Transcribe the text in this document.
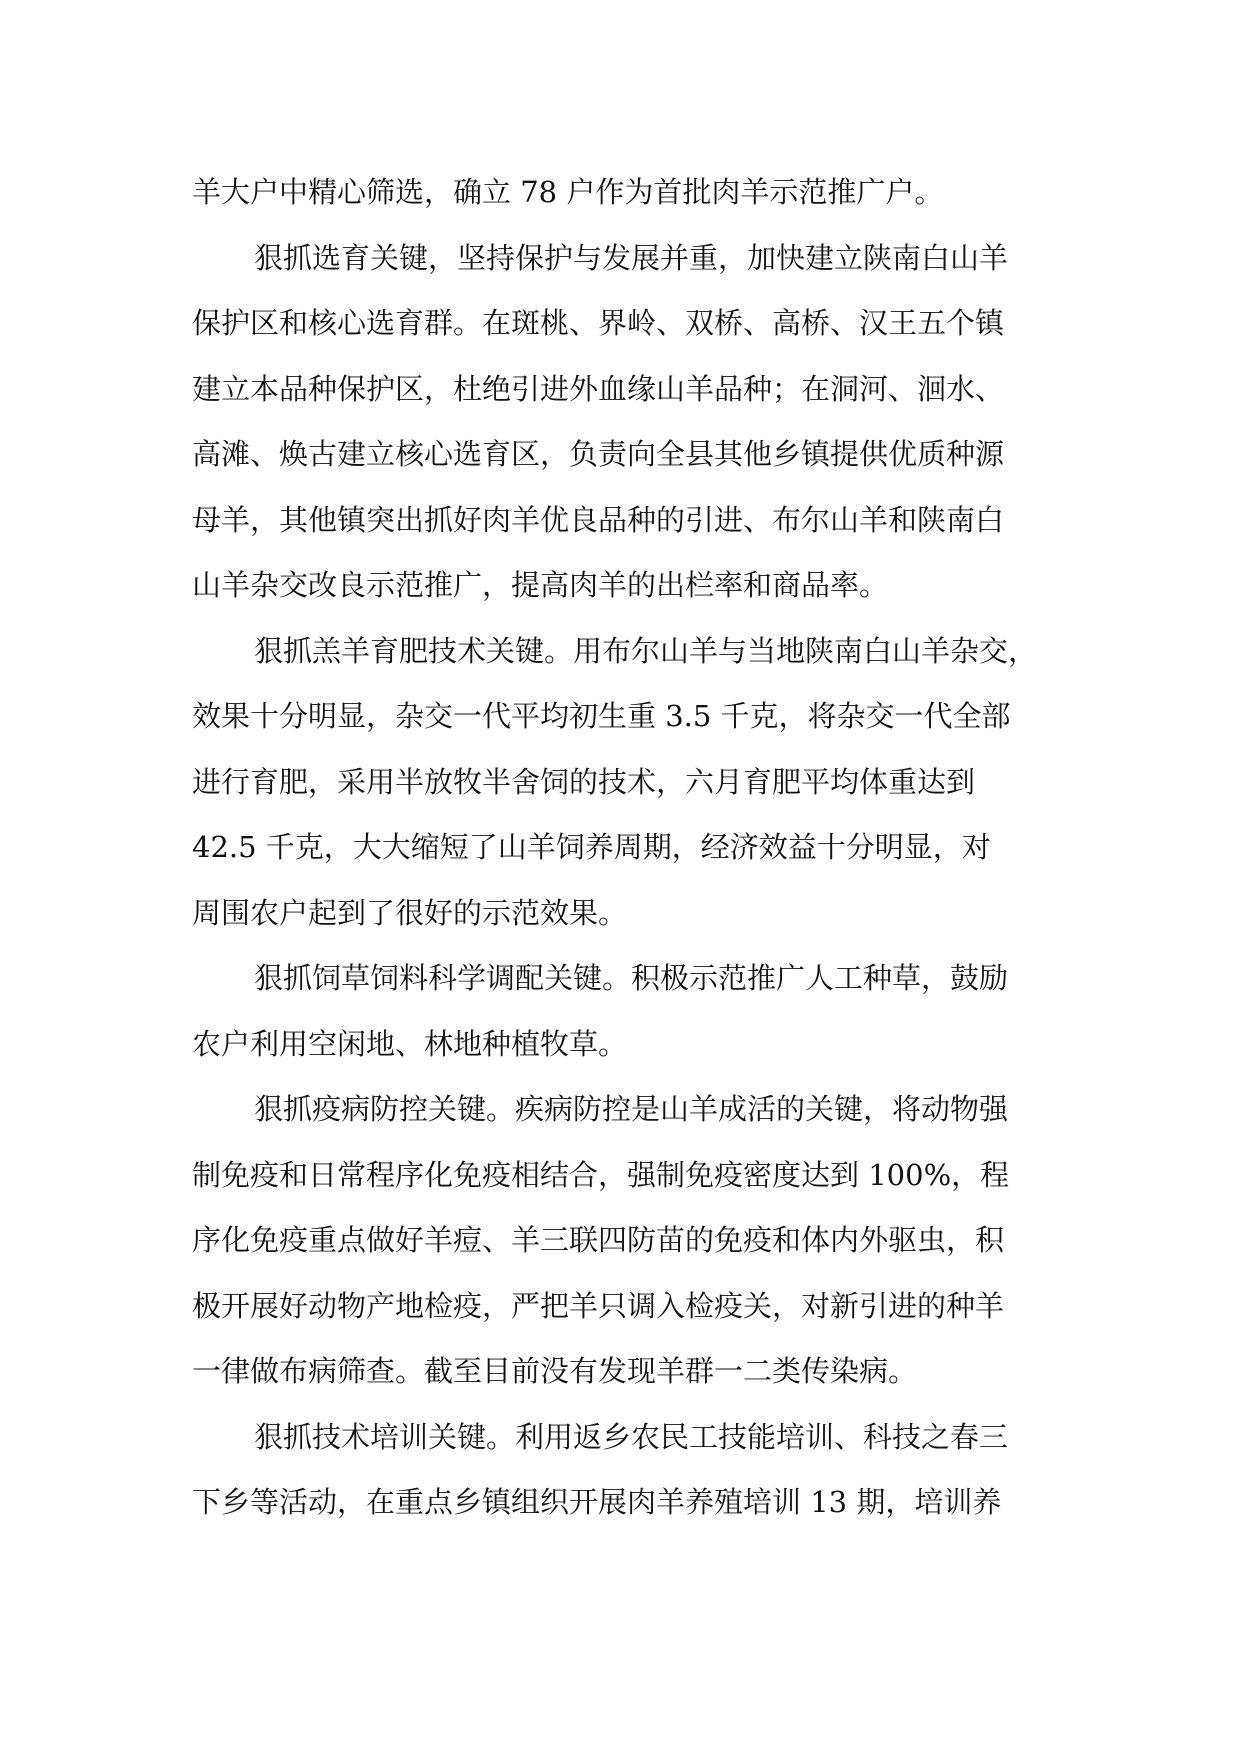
羊大户中精心筛选，确立 78 户作为首批肉羊示范推广户。
狠抓选育关键，坚持保护与发展并重，加快建立陕南白山羊
保护区和核心选育群。在斑桃、界岭、双桥、高桥、汉王五个镇
建立本品种保护区，杜绝引进外血缘山羊品种；在洞河、洄水、
高滩、焕古建立核心选育区，负责向全县其他乡镇提供优质种源
母羊，其他镇突出抓好肉羊优良品种的引进、布尔山羊和陕南白
山羊杂交改良示范推广，提高肉羊的出栏率和商品率。
狠抓羔羊育肥技术关键。用布尔山羊与当地陕南白山羊杂交，
效果十分明显，杂交一代平均初生重 3.5 千克，将杂交一代全部
进行育肥，采用半放牧半舍饲的技术，六月育肥平均体重达到
42.5 千克，大大缩短了山羊饲养周期，经济效益十分明显，对
周围农户起到了很好的示范效果。
狠抓饲草饲料科学调配关键。积极示范推广人工种草，鼓励
农户利用空闲地、林地种植牧草。
狠抓疫病防控关键。疾病防控是山羊成活的关键，将动物强
制免疫和日常程序化免疫相结合，强制免疫密度达到 100%，程
序化免疫重点做好羊痘、羊三联四防苗的免疫和体内外驱虫，积
极开展好动物产地检疫，严把羊只调入检疫关，对新引进的种羊
一律做布病筛查。截至目前没有发现羊群一二类传染病。
狠抓技术培训关键。利用返乡农民工技能培训、科技之春三
下乡等活动，在重点乡镇组织开展肉羊养殖培训 13 期，培训养
